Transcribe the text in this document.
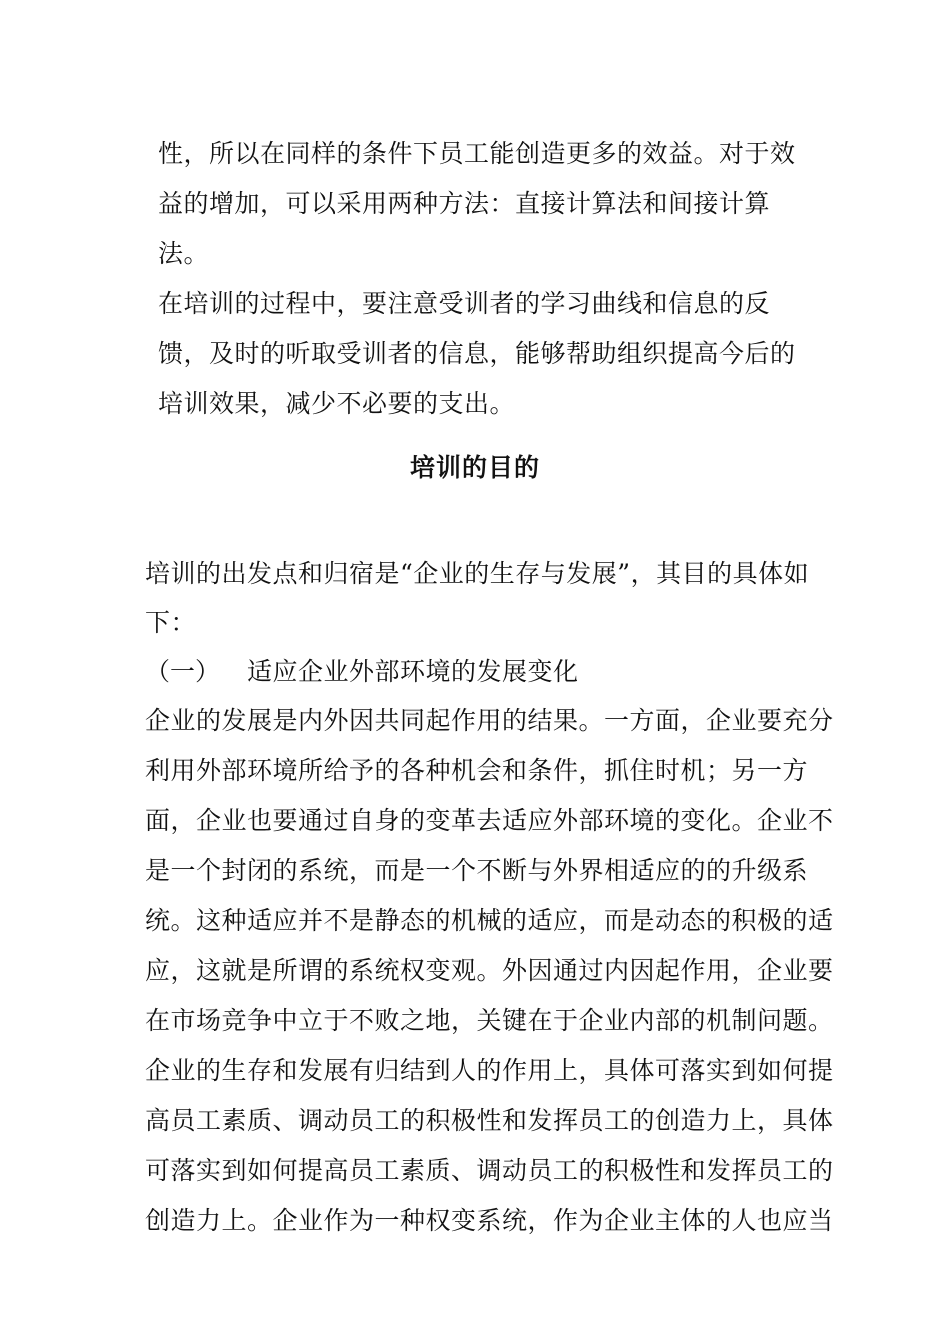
性，所以在同样的条件下员工能创造更多的效益。对于效
益的增加，可以采用两种方法：直接计算法和间接计算
法。
在培训的过程中，要注意受训者的学习曲线和信息的反
馈，及时的听取受训者的信息，能够帮助组织提高今后的
培训效果，减少不必要的支出。
培训的目的
培训的出发点和归宿是“企业的生存与发展”，其目的具体如
下：
（一） 适应企业外部环境的发展变化
企业的发展是内外因共同起作用的结果。一方面，企业要充分
利用外部环境所给予的各种机会和条件，抓住时机；另一方
面，企业也要通过自身的变革去适应外部环境的变化。企业不
是一个封闭的系统，而是一个不断与外界相适应的的升级系
统。这种适应并不是静态的机械的适应，而是动态的积极的适
应，这就是所谓的系统权变观。外因通过内因起作用，企业要
在市场竞争中立于不败之地，关键在于企业内部的机制问题。
企业的生存和发展有归结到人的作用上，具体可落实到如何提
高员工素质、调动员工的积极性和发挥员工的创造力上，具体
可落实到如何提高员工素质、调动员工的积极性和发挥员工的
创造力上。企业作为一种权变系统，作为企业主体的人也应当
